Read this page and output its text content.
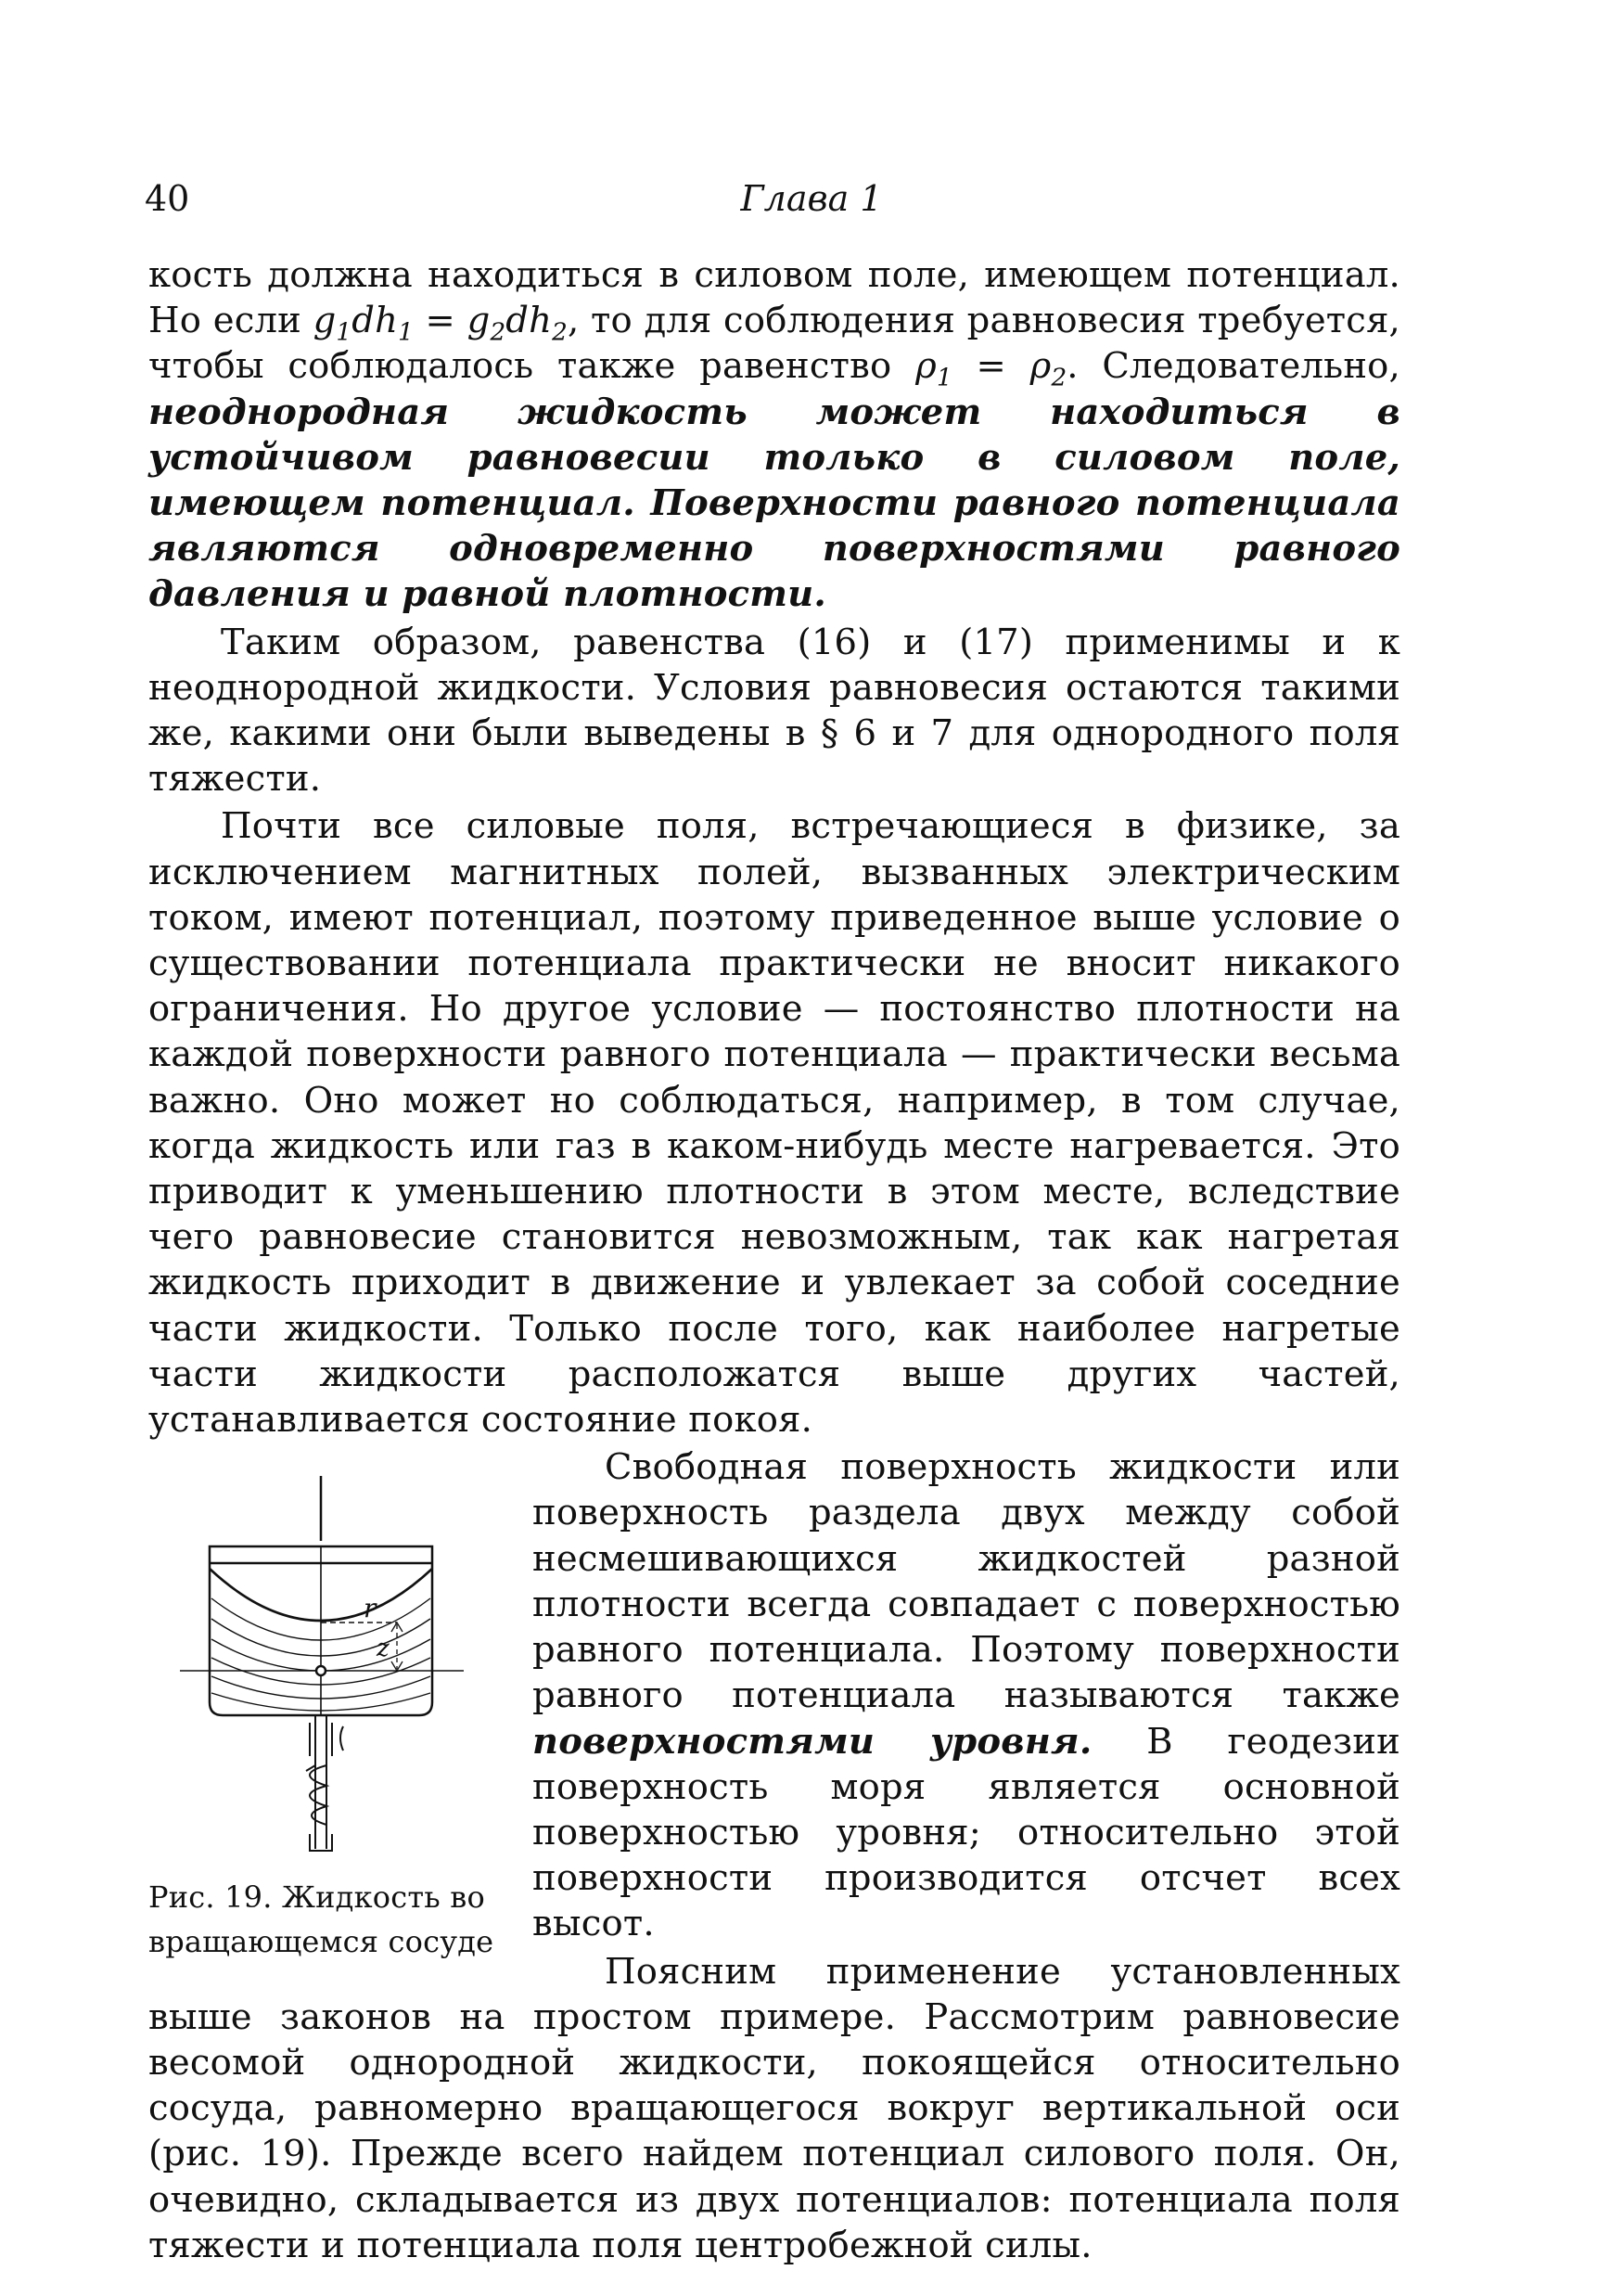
40	Глава 1

кость должна находиться в силовом поле, имеющем потенциал. Но если $g_1dh_1 = g_2dh_2$, то для соблюдения равновесия требуется, чтобы соблюдалось также равенство $\rho_1 = \rho_2$. Следовательно, неоднородная жидкость может находиться в устойчивом равновесии только в силовом поле, имеющем потенциал. Поверхности равного потенциала являются одновременно поверхностями равного давления и равной плотности.

Таким образом, равенства (16) и (17) применимы и к неоднородной жидкости. Условия равновесия остаются такими же, какими они были выведены в § 6 и 7 для однородного поля тяжести.

Почти все силовые поля, встречающиеся в физике, за исключением магнитных полей, вызванных электрическим током, имеют потенциал, поэтому приведенное выше условие о существовании потенциала практически не вносит никакого ограничения. Но другое условие — постоянство плотности на каждой поверхности равного потенциала — практически весьма важно. Оно может но соблюдаться, например, в том случае, когда жидкость или газ в каком-нибудь месте нагревается. Это приводит к уменьшению плотности в этом месте, вследствие чего равновесие становится невозможным, так как нагретая жидкость приходит в движение и увлекает за собой соседние части жидкости. Только после того, как наиболее нагретые части жидкости расположатся выше других частей, устанавливается состояние покоя.

r
z
Рис. 19. Жидкость во
вращающемся сосуде

Свободная поверхность жидкости или поверхность раздела двух между собой несмешивающихся жидкостей разной плотности всегда совпадает с поверхностью равного потенциала. Поэтому поверхности равного потенциала называются также поверхностями уровня. В геодезии поверхность моря является основной поверхностью уровня; относительно этой поверхности производится отсчет всех высот.

Поясним применение установленных выше законов на простом примере. Рассмотрим равновесие весомой однородной жидкости, покоящейся относительно сосуда, равномерно вращающегося вокруг вертикальной оси (рис. 19). Прежде всего найдем потенциал силового поля. Он, очевидно, складывается из двух потенциалов: потенциала поля тяжести и потенциала поля центробежной силы.
